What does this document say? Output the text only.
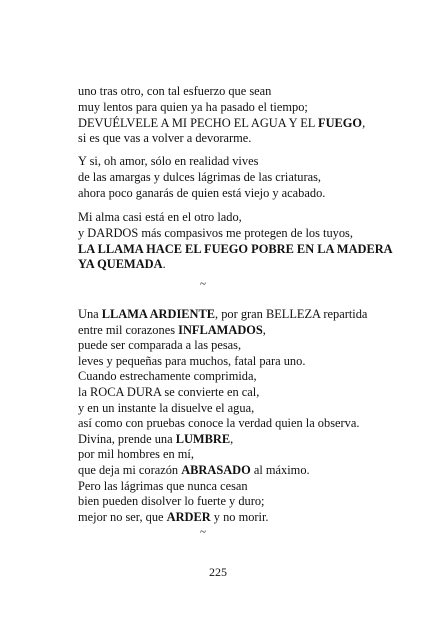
uno tras otro, con tal esfuerzo que sean
muy lentos para quien ya ha pasado el tiempo;
DEVUÉLVELE A MI PECHO EL AGUA Y EL FUEGO,
si es que vas a volver a devorarme.
Y si, oh amor, sólo en realidad vives
de las amargas y dulces lágrimas de las criaturas,
ahora poco ganarás de quien está viejo y acabado.
Mi alma casi está en el otro lado,
y DARDOS más compasivos me protegen de los tuyos,
LA LLAMA HACE EL FUEGO POBRE EN LA MADERA
YA QUEMADA.
Una LLAMA ARDIENTE, por gran BELLEZA repartida
entre mil corazones INFLAMADOS,
puede ser comparada a las pesas,
leves y pequeñas para muchos, fatal para uno.
Cuando estrechamente comprimida,
la ROCA DURA se convierte en cal,
y en un instante la disuelve el agua,
así como con pruebas conoce la verdad quien la observa.
Divina, prende una LUMBRE,
por mil hombres en mí,
que deja mi corazón ABRASADO al máximo.
Pero las lágrimas que nunca cesan
bien pueden disolver lo fuerte y duro;
mejor no ser, que ARDER y no morir.
~
~
225
